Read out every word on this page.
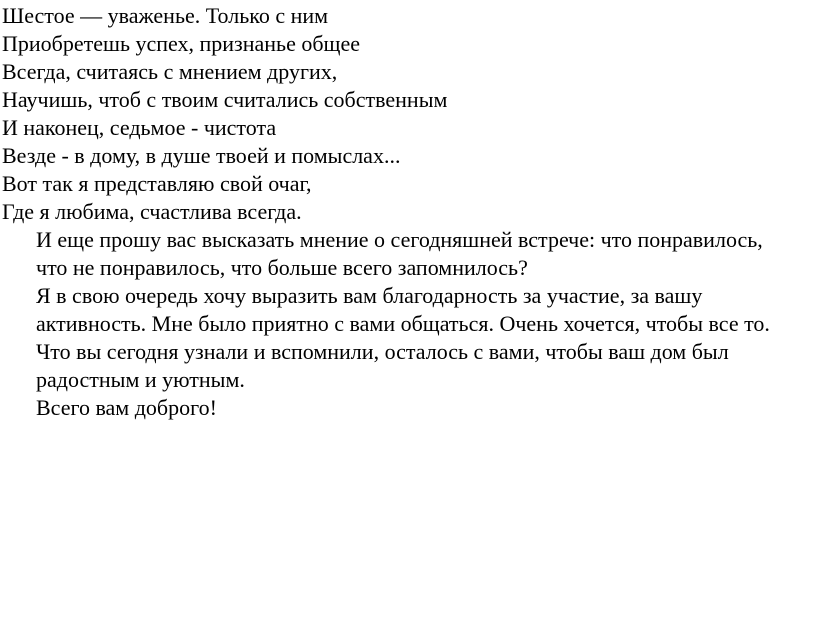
Шестое — уваженье. Только с ним

Приобретешь успех, признанье общее

Всегда, считаясь с мнением других,

Научишь, чтоб с твоим считались собственным

И наконец, седьмое - чистота

Везде - в дому, в душе твоей и помыслах...

Вот так я представляю свой очаг,

Где я любима, счастлива всегда.

И еще прошу вас высказать мнение о сегодняшней встрече: что понравилось, что не понравилось, что больше всего запомнилось?

Я в свою очередь хочу выразить вам благодарность за участие, за вашу активность. Мне было приятно с вами общаться. Очень хочется, чтобы все то. Что вы сегодня узнали и вспомнили, осталось с вами, чтобы ваш дом был радостным и уютным.

Всего вам доброго!
